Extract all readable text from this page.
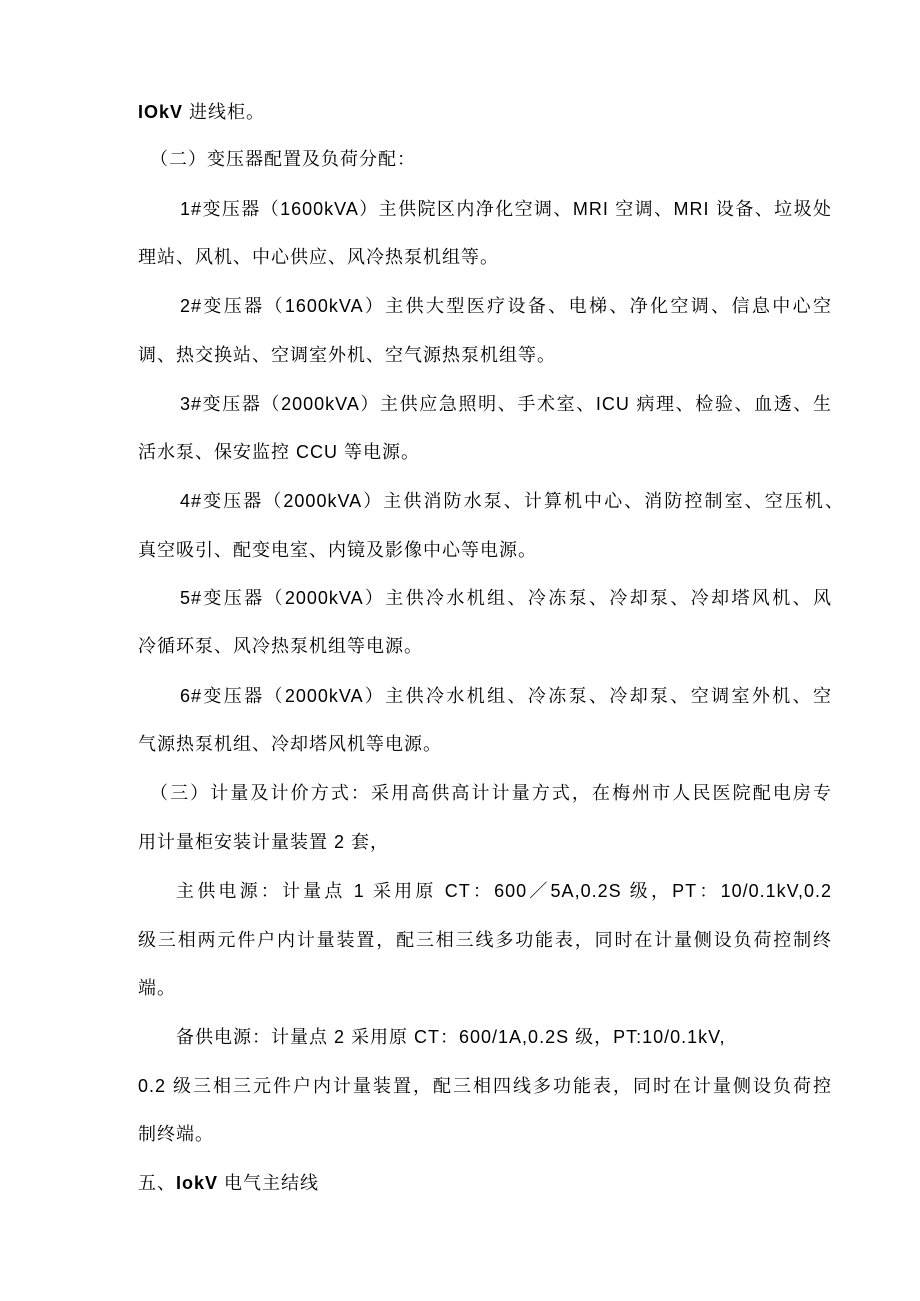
IOkV 进线柜。
（二）变压器配置及负荷分配：
1#变压器（1600kVA）主供院区内净化空调、MRI 空调、MRI 设备、垃圾处
理站、风机、中心供应、风冷热泵机组等。
2#变压器（1600kVA）主供大型医疗设备、电梯、净化空调、信息中心空
调、热交换站、空调室外机、空气源热泵机组等。
3#变压器（2000kVA）主供应急照明、手术室、ICU 病理、检验、血透、生
活水泵、保安监控 CCU 等电源。
4#变压器（2000kVA）主供消防水泵、计算机中心、消防控制室、空压机、
真空吸引、配变电室、内镜及影像中心等电源。
5#变压器（2000kVA）主供冷水机组、冷冻泵、冷却泵、冷却塔风机、风
冷循环泵、风冷热泵机组等电源。
6#变压器（2000kVA）主供冷水机组、冷冻泵、冷却泵、空调室外机、空
气源热泵机组、冷却塔风机等电源。
（三）计量及计价方式：采用高供高计计量方式，在梅州市人民医院配电房专
用计量柜安装计量装置 2 套，
主供电源：计量点 1 采用原 CT：600／5A,0.2S 级，PT：10/0.1kV,0.2
级三相两元件户内计量装置，配三相三线多功能表，同时在计量侧设负荷控制终
端。
备供电源：计量点 2 采用原 CT：600/1A,0.2S 级，PT:10/0.1kV,
0.2 级三相三元件户内计量装置，配三相四线多功能表，同时在计量侧设负荷控
制终端。
五、IokV 电气主结线
